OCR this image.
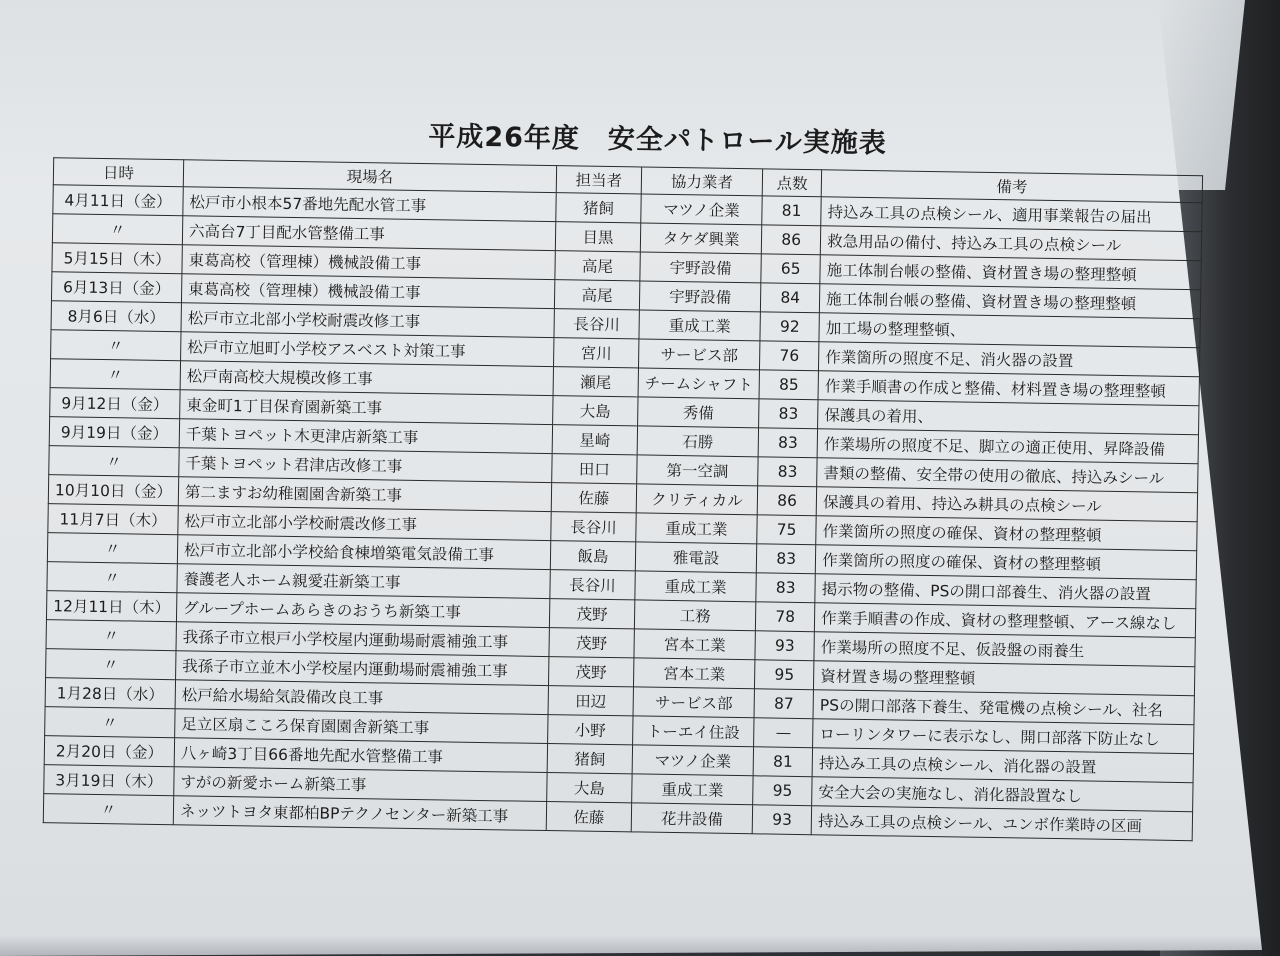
平成26年度　安全パトロール実施表
日時	現場名	担当者	協力業者	点数	備考
4月11日（金）	松戸市小根本57番地先配水管工事	猪飼	マツノ企業	81	持込み工具の点検シール、適用事業報告の届出
〃	六高台7丁目配水管整備工事	目黒	タケダ興業	86	救急用品の備付、持込み工具の点検シール
5月15日（木）	東葛高校（管理棟）機械設備工事	高尾	宇野設備	65	施工体制台帳の整備、資材置き場の整理整頓
6月13日（金）	東葛高校（管理棟）機械設備工事	高尾	宇野設備	84	施工体制台帳の整備、資材置き場の整理整頓
8月6日（水）	松戸市立北部小学校耐震改修工事	長谷川	重成工業	92	加工場の整理整頓、
〃	松戸市立旭町小学校アスベスト対策工事	宮川	サービス部	76	作業箇所の照度不足、消火器の設置
〃	松戸南高校大規模改修工事	瀬尾	チームシャフト	85	作業手順書の作成と整備、材料置き場の整理整頓
9月12日（金）	東金町1丁目保育園新築工事	大島	秀備	83	保護具の着用、
9月19日（金）	千葉トヨペット木更津店新築工事	星崎	石勝	83	作業場所の照度不足、脚立の適正使用、昇降設備
〃	千葉トヨペット君津店改修工事	田口	第一空調	83	書類の整備、安全帯の使用の徹底、持込みシール
10月10日（金）	第二ますお幼稚園園舎新築工事	佐藤	クリティカル	86	保護具の着用、持込み耕具の点検シール
11月7日（木）	松戸市立北部小学校耐震改修工事	長谷川	重成工業	75	作業箇所の照度の確保、資材の整理整頓
〃	松戸市立北部小学校給食棟増築電気設備工事	飯島	雅電設	83	作業箇所の照度の確保、資材の整理整頓
〃	養護老人ホーム親愛荘新築工事	長谷川	重成工業	83	掲示物の整備、PSの開口部養生、消火器の設置
12月11日（木）	グループホームあらきのおうち新築工事	茂野	工務	78	作業手順書の作成、資材の整理整頓、アース線なし
〃	我孫子市立根戸小学校屋内運動場耐震補強工事	茂野	宮本工業	93	作業場所の照度不足、仮設盤の雨養生
〃	我孫子市立並木小学校屋内運動場耐震補強工事	茂野	宮本工業	95	資材置き場の整理整頓
1月28日（水）	松戸給水場給気設備改良工事	田辺	サービス部	87	PSの開口部落下養生、発電機の点検シール、社名
〃	足立区扇こころ保育園園舎新築工事	小野	トーエイ住設	—	ローリンタワーに表示なし、開口部落下防止なし
2月20日（金）	八ヶ崎3丁目66番地先配水管整備工事	猪飼	マツノ企業	81	持込み工具の点検シール、消化器の設置
3月19日（木）	すがの新愛ホーム新築工事	大島	重成工業	95	安全大会の実施なし、消化器設置なし
〃	ネッツトヨタ東都柏BPテクノセンター新築工事	佐藤	花井設備	93	持込み工具の点検シール、ユンボ作業時の区画
